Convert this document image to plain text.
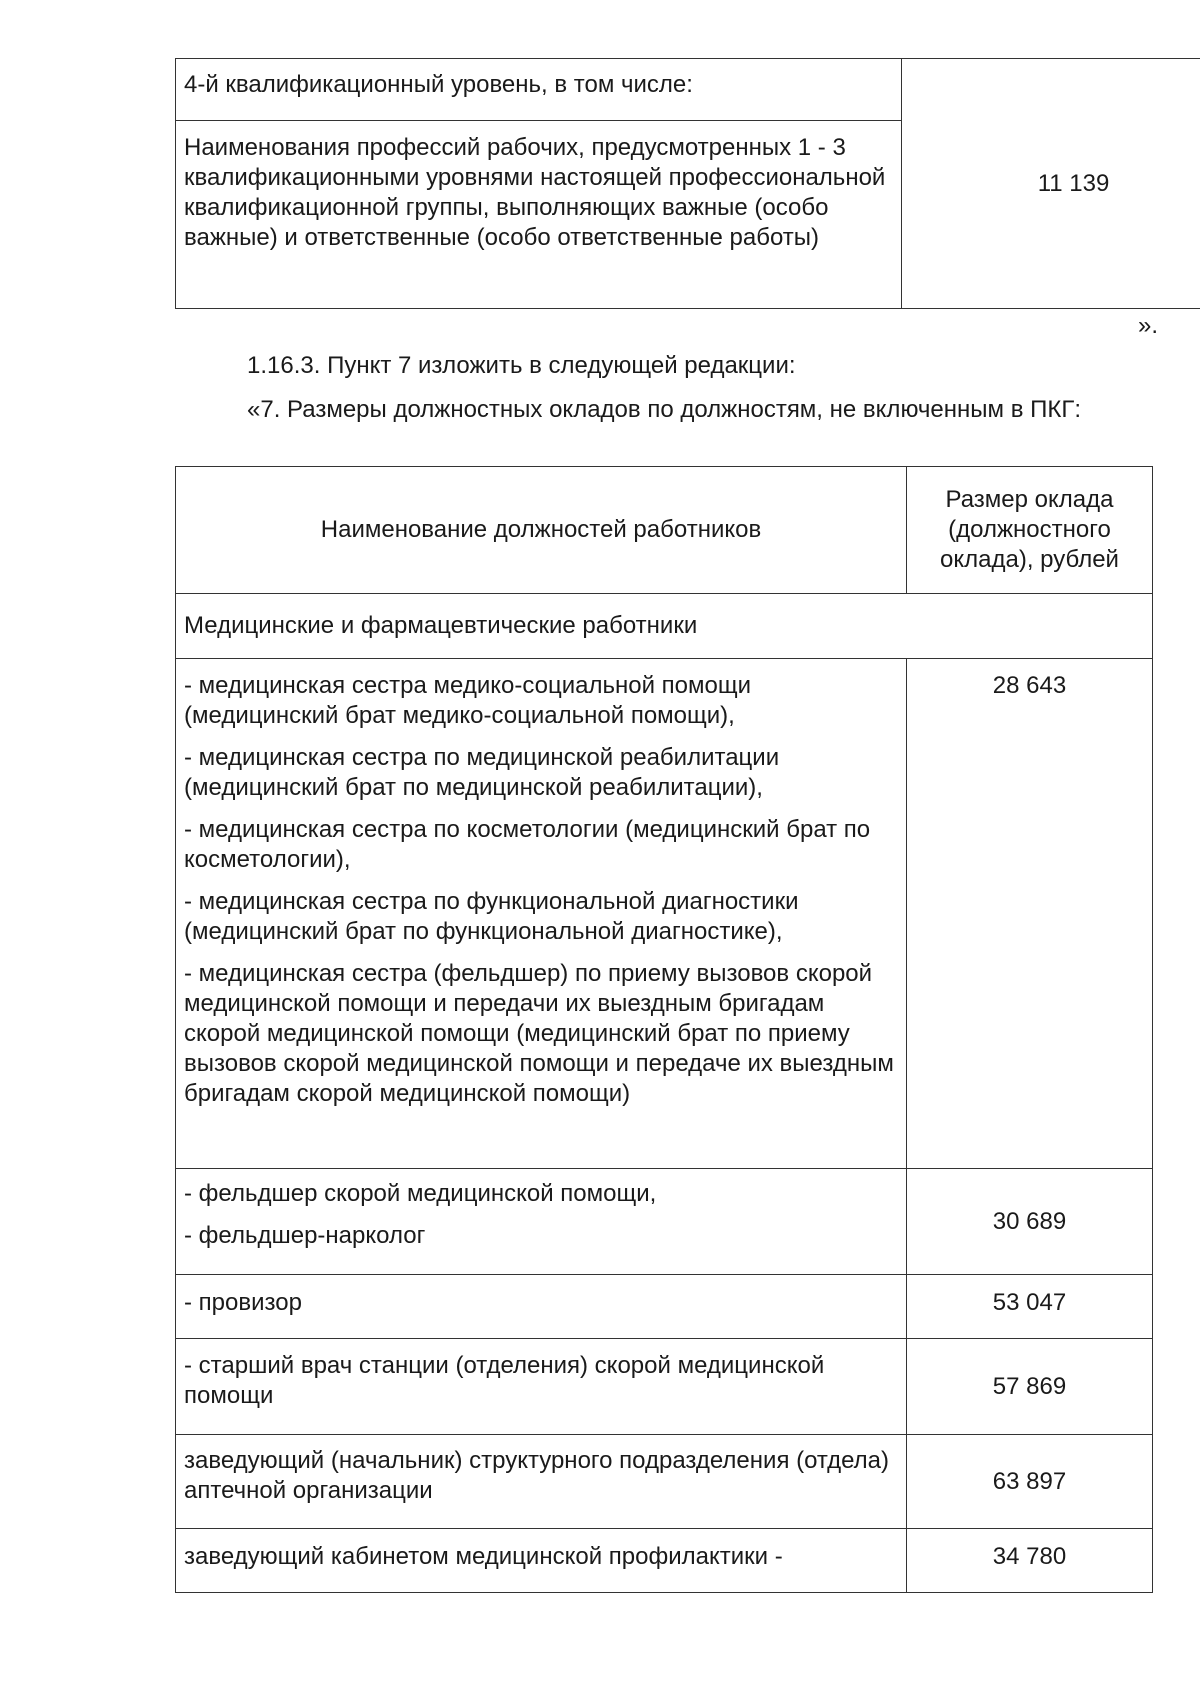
4-й квалификационный уровень, в том числе:	11 139
Наименования профессий рабочих, предусмотренных 1 - 3 квалификационными уровнями настоящей профессиональной квалификационной группы, выполняющих важные (особо важные) и ответственные (особо ответственные работы)
».
1.16.3. Пункт 7 изложить в следующей редакции:
«7. Размеры должностных окладов по должностям, не включенным в ПКГ:
Наименование должностей работников	Размер оклада (должностного оклада), рублей
Медицинские и фармацевтические работники	

- медицинская сестра медико-социальной помощи (медицинский брат медико-социальной помощи),

- медицинская сестра по медицинской реабилитации (медицинский брат по медицинской реабилитации),

- медицинская сестра по косметологии (медицинский брат по косметологии),

- медицинская сестра по функциональной диагностики (медицинский брат по функциональной диагностике),

- медицинская сестра (фельдшер) по приему вызовов скорой медицинской помощи и передачи их выездным бригадам скорой медицинской помощи (медицинский брат по приему вызовов скорой медицинской помощи и передаче их выездным бригадам скорой медицинской помощи)	28 643

- фельдшер скорой медицинской помощи,

- фельдшер-нарколог	30 689

- провизор	53 047

- старший врач станции (отделения) скорой медицинской помощи	57 869

заведующий (начальник) структурного подразделения (отдела) аптечной организации	63 897

заведующий кабинетом медицинской профилактики -	34 780
